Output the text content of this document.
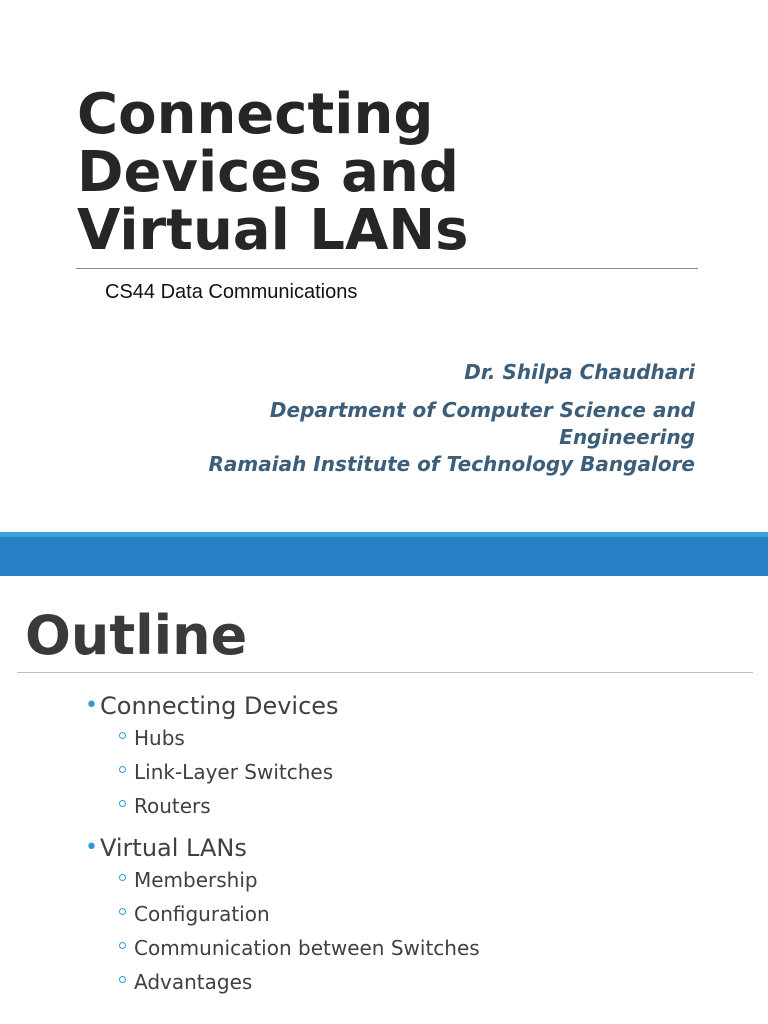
Connecting
Devices and
Virtual LANs
CS44 Data Communications
Dr. Shilpa Chaudhari
Department of Computer Science and
Engineering
Ramaiah Institute of Technology Bangalore
Outline
• Connecting Devices
Hubs
Link-Layer Switches
Routers
• Virtual LANs
Membership
Configuration
Communication between Switches
Advantages
